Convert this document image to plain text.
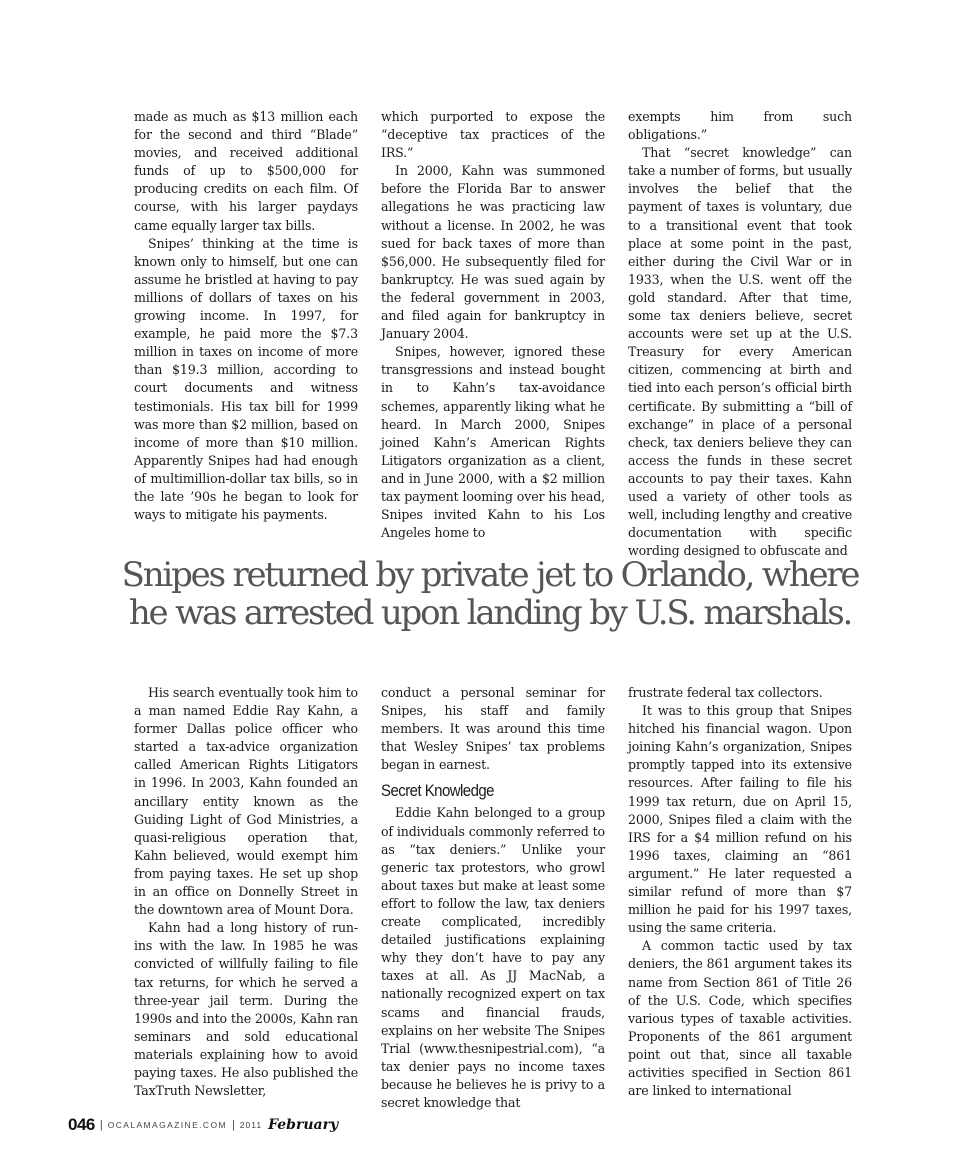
made as much as $13 million each for the second and third “Blade” movies, and received additional funds of up to $500,000 for producing credits on each film. Of course, with his larger paydays came equally larger tax bills.

Snipes’ thinking at the time is known only to himself, but one can assume he bristled at having to pay millions of dollars of taxes on his growing income. In 1997, for example, he paid more the $7.3 million in taxes on income of more than $19.3 million, according to court documents and witness testimonials. His tax bill for 1999 was more than $2 million, based on income of more than $10 million. Apparently Snipes had had enough of multimillion-dollar tax bills, so in the late ’90s he began to look for ways to mitigate his payments.

which purported to expose the “deceptive tax practices of the IRS.”

In 2000, Kahn was summoned before the Florida Bar to answer allegations he was practicing law without a license. In 2002, he was sued for back taxes of more than $56,000. He subsequently filed for bankruptcy. He was sued again by the federal government in 2003, and filed again for bankruptcy in January 2004.

Snipes, however, ignored these transgressions and instead bought in to Kahn’s tax-avoidance schemes, apparently liking what he heard. In March 2000, Snipes joined Kahn’s American Rights Litigators organization as a client, and in June 2000, with a $2 million tax payment looming over his head, Snipes invited Kahn to his Los Angeles home to

exempts him from such obligations.”

That “secret knowledge” can take a number of forms, but usually involves the belief that the payment of taxes is voluntary, due to a transitional event that took place at some point in the past, either during the Civil War or in 1933, when the U.S. went off the gold standard. After that time, some tax deniers believe, secret accounts were set up at the U.S. Treasury for every American citizen, commencing at birth and tied into each person’s official birth certificate. By submitting a “bill of exchange” in place of a personal check, tax deniers believe they can access the funds in these secret accounts to pay their taxes. Kahn used a variety of other tools as well, including lengthy and creative documentation with specific wording designed to obfuscate and

Snipes returned by private jet to Orlando, where
he was arrested upon landing by U.S. marshals.

His search eventually took him to a man named Eddie Ray Kahn, a former Dallas police officer who started a tax-advice organization called American Rights Litigators in 1996. In 2003, Kahn founded an ancillary entity known as the Guiding Light of God Ministries, a quasi-religious operation that, Kahn believed, would exempt him from paying taxes. He set up shop in an office on Donnelly Street in the downtown area of Mount Dora.

Kahn had a long history of run-ins with the law. In 1985 he was convicted of willfully failing to file tax returns, for which he served a three-year jail term. During the 1990s and into the 2000s, Kahn ran seminars and sold educational materials explaining how to avoid paying taxes. He also published the TaxTruth Newsletter,

conduct a personal seminar for Snipes, his staff and family members. It was around this time that Wesley Snipes’ tax problems began in earnest.

Secret Knowledge

Eddie Kahn belonged to a group of individuals commonly referred to as “tax deniers.” Unlike your generic tax protestors, who growl about taxes but make at least some effort to follow the law, tax deniers create complicated, incredibly detailed justifications explaining why they don’t have to pay any taxes at all. As JJ MacNab, a nationally recognized expert on tax scams and financial frauds, explains on her website The Snipes Trial (www.thesnipestrial.com), “a tax denier pays no income taxes because he believes he is privy to a secret knowledge that

frustrate federal tax collectors.

It was to this group that Snipes hitched his financial wagon. Upon joining Kahn’s organization, Snipes promptly tapped into its extensive resources. After failing to file his 1999 tax return, due on April 15, 2000, Snipes filed a claim with the IRS for a $4 million refund on his 1996 taxes, claiming an “861 argument.” He later requested a similar refund of more than $7 million he paid for his 1997 taxes, using the same criteria.

A common tactic used by tax deniers, the 861 argument takes its name from Section 861 of Title 26 of the U.S. Code, which specifies various types of taxable activities. Proponents of the 861 argument point out that, since all taxable activities specified in Section 861 are linked to international

046 | OCALAMAGAZINE.COM | 2011 February
